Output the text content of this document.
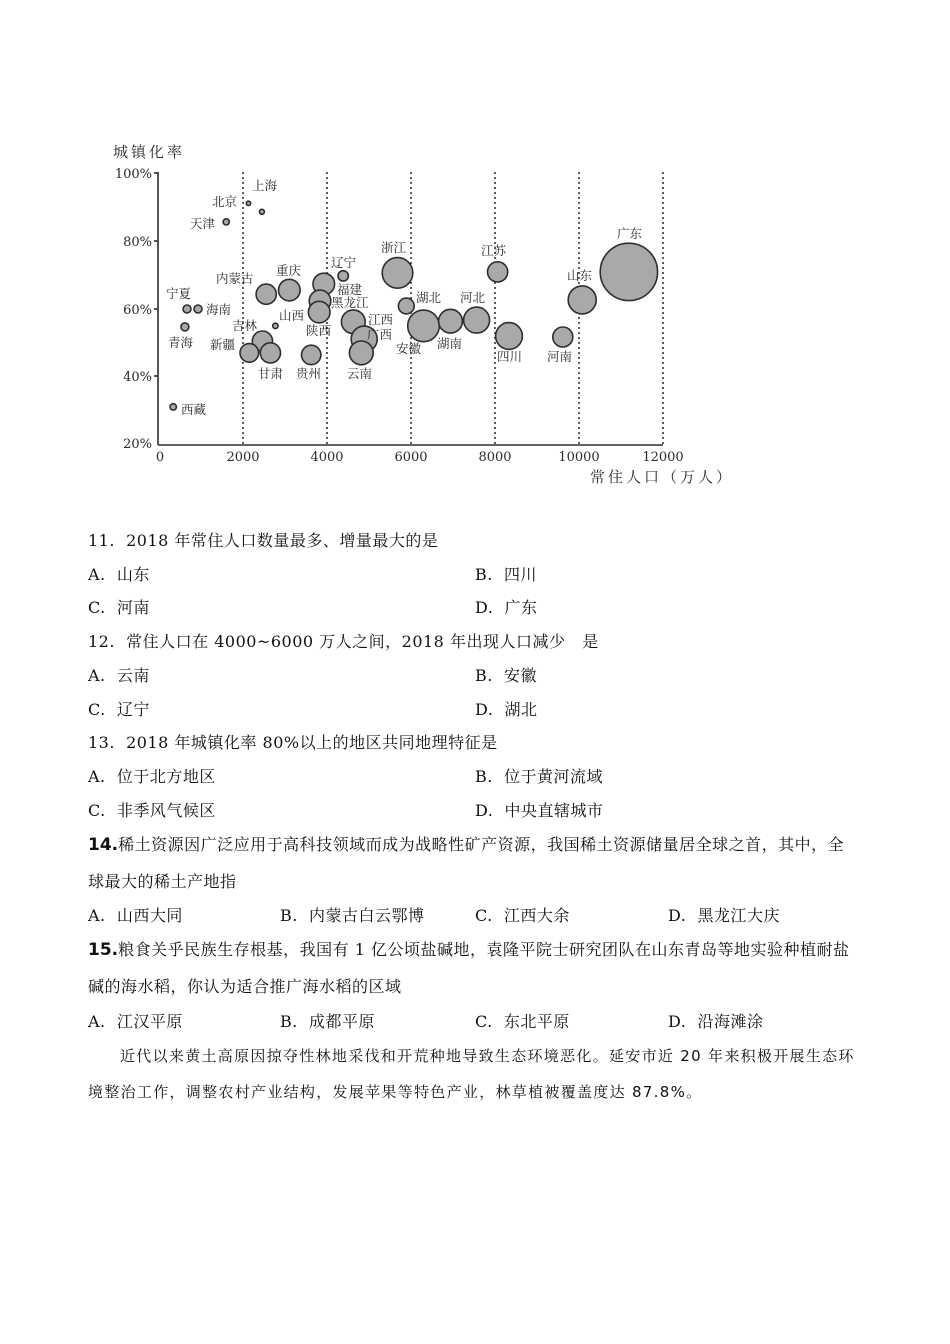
城镇化率
常住人口（万人）
100%
80%
60%
40%
20%
0	2000	4000	6000	8000	10000	12000
上海
北京
天津
宁夏
海南
青海
西藏
内蒙古
重庆
山西
吉林
新疆
甘肃 贵州
辽宁
福建
黑龙江
陕西
浙江
江西
广西
云南
安徽
湖北
湖南
河北
江苏
四川 河南
山东
广东
11.  2018 年常住人口数量最多、增量最大的是
A.  山东	B.  四川
C.  河南	D.  广东
12.  常住人口在 4000~6000 万人之间，2018 年出现人口减少   是
A.  云南	B.  安徽
C.  辽宁	D.  湖北
13.  2018 年城镇化率 80%以上的地区共同地理特征是
A.  位于北方地区	B.  位于黄河流域
C.  非季风气候区	D.  中央直辖城市
14.稀土资源因广泛应用于高科技领域而成为战略性矿产资源，我国稀土资源储量居全球之首，其中，全
球最大的稀土产地指
A.  山西大同	B.  内蒙古白云鄂博	C.  江西大余	D.  黑龙江大庆
15.粮食关乎民族生存根基，我国有 1 亿公顷盐碱地，袁隆平院士研究团队在山东青岛等地实验种植耐盐
碱的海水稻，你认为适合推广海水稻的区域
A.  江汉平原	B.  成都平原	C.  东北平原	D.  沿海滩涂
近代以来黄土高原因掠夺性林地采伐和开荒种地导致生态环境恶化。延安市近 20 年来积极开展生态环
境整治工作，调整农村产业结构，发展苹果等特色产业，林草植被覆盖度达 87.8%。
